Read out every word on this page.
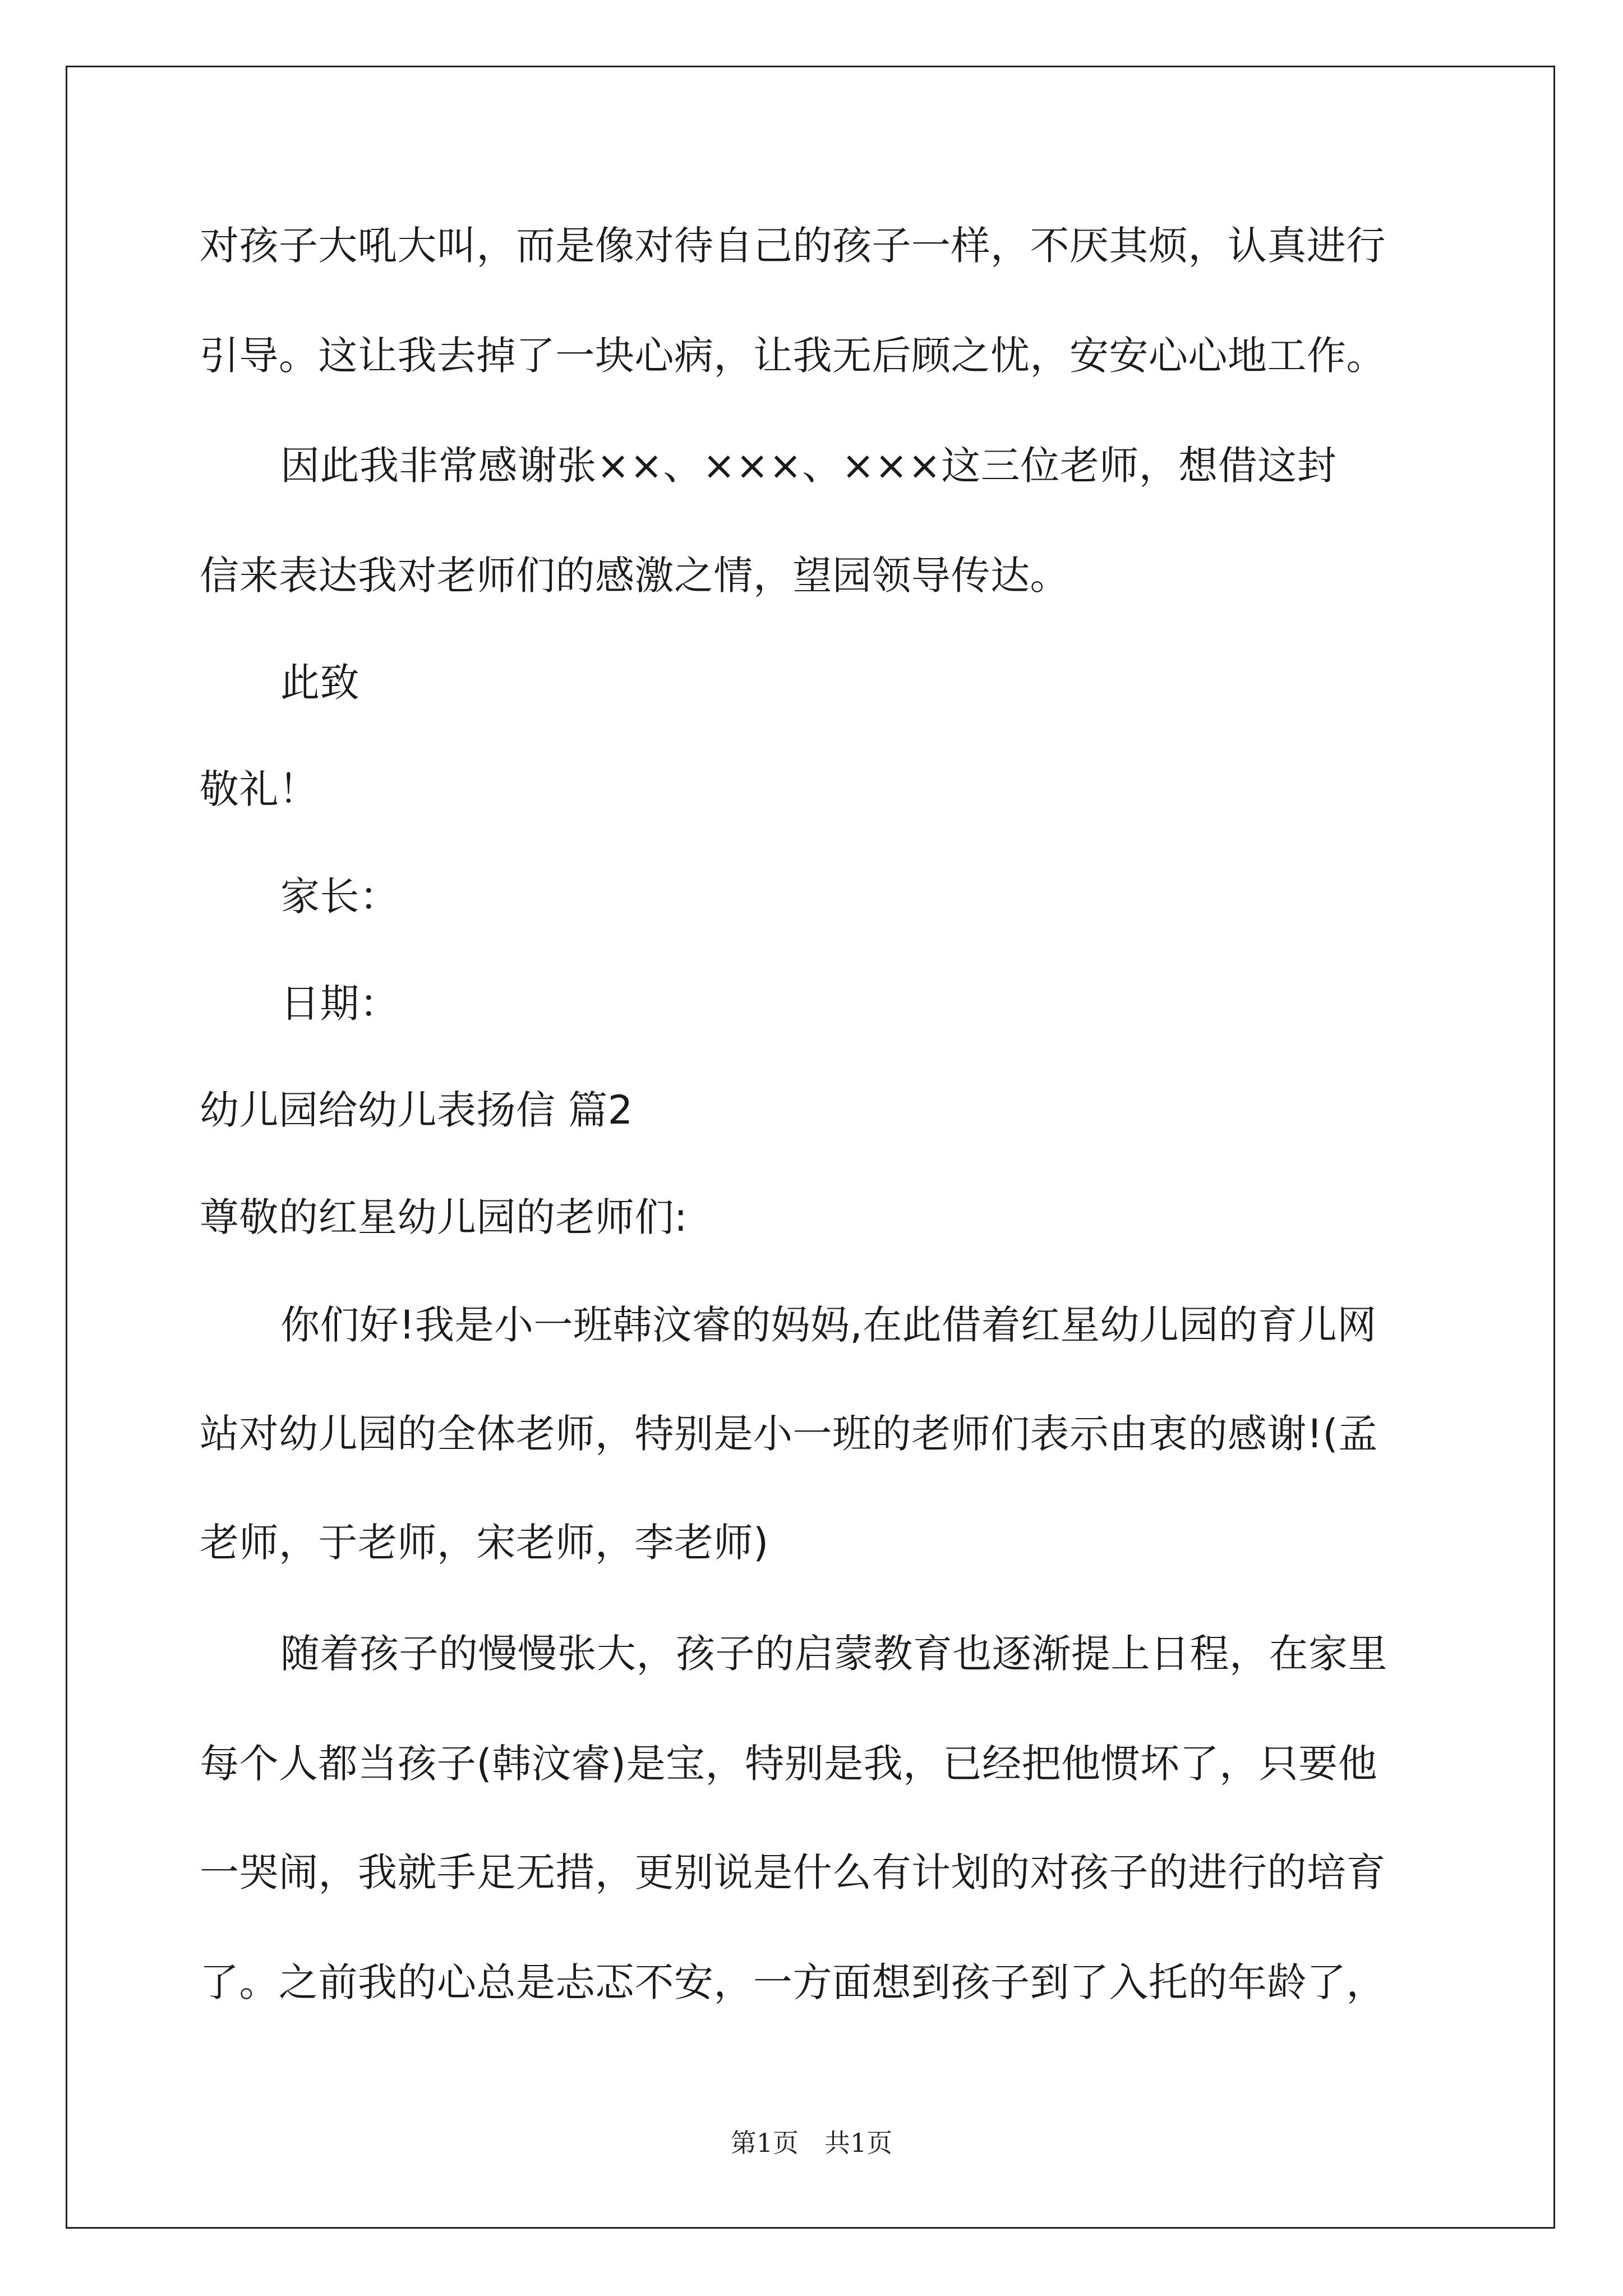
对孩子大吼大叫，而是像对待自己的孩子一样，不厌其烦，认真进行
引导。这让我去掉了一块心病，让我无后顾之忧，安安心心地工作。
因此我非常感谢张××、×××、×××这三位老师，想借这封
信来表达我对老师们的感激之情，望园领导传达。
此致
敬礼！
家长：
日期：
幼儿园给幼儿表扬信 篇2
尊敬的红星幼儿园的老师们:
你们好!我是小一班韩汶睿的妈妈,在此借着红星幼儿园的育儿网
站对幼儿园的全体老师，特别是小一班的老师们表示由衷的感谢!(孟
老师，于老师，宋老师，李老师)
随着孩子的慢慢张大，孩子的启蒙教育也逐渐提上日程，在家里
每个人都当孩子(韩汶睿)是宝，特别是我，已经把他惯坏了，只要他
一哭闹，我就手足无措，更别说是什么有计划的对孩子的进行的培育
了。之前我的心总是忐忑不安，一方面想到孩子到了入托的年龄了，
第1页　共1页
